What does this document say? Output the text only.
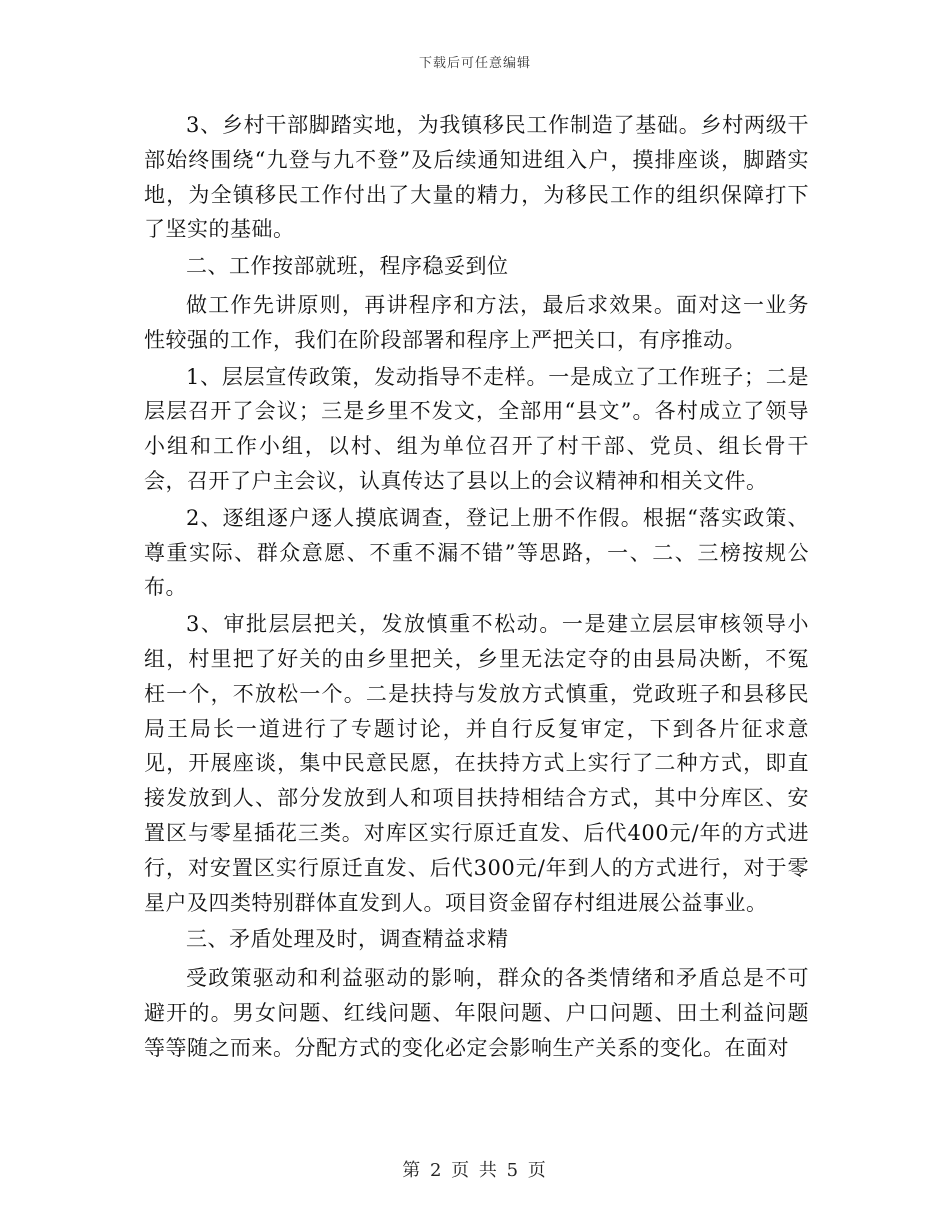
下载后可任意编辑

3、乡村干部脚踏实地，为我镇移民工作制造了基础。乡村两级干部始终围绕“九登与九不登”及后续通知进组入户，摸排座谈，脚踏实地，为全镇移民工作付出了大量的精力，为移民工作的组织保障打下了坚实的基础。

二、工作按部就班，程序稳妥到位

做工作先讲原则，再讲程序和方法，最后求效果。面对这一业务性较强的工作，我们在阶段部署和程序上严把关口，有序推动。

1、层层宣传政策，发动指导不走样。一是成立了工作班子；二是层层召开了会议；三是乡里不发文，全部用“县文”。各村成立了领导小组和工作小组，以村、组为单位召开了村干部、党员、组长骨干会，召开了户主会议，认真传达了县以上的会议精神和相关文件。

2、逐组逐户逐人摸底调查，登记上册不作假。根据“落实政策、尊重实际、群众意愿、不重不漏不错”等思路，一、二、三榜按规公布。

3、审批层层把关，发放慎重不松动。一是建立层层审核领导小组，村里把了好关的由乡里把关，乡里无法定夺的由县局决断，不冤枉一个，不放松一个。二是扶持与发放方式慎重，党政班子和县移民局王局长一道进行了专题讨论，并自行反复审定，下到各片征求意见，开展座谈，集中民意民愿，在扶持方式上实行了二种方式，即直接发放到人、部分发放到人和项目扶持相结合方式，其中分库区、安置区与零星插花三类。对库区实行原迁直发、后代400元/年的方式进行，对安置区实行原迁直发、后代300元/年到人的方式进行，对于零星户及四类特别群体直发到人。项目资金留存村组进展公益事业。

三、矛盾处理及时，调查精益求精

受政策驱动和利益驱动的影响，群众的各类情绪和矛盾总是不可避开的。男女问题、红线问题、年限问题、户口问题、田土利益问题等等随之而来。分配方式的变化必定会影响生产关系的变化。在面对

第 2 页 共 5 页
